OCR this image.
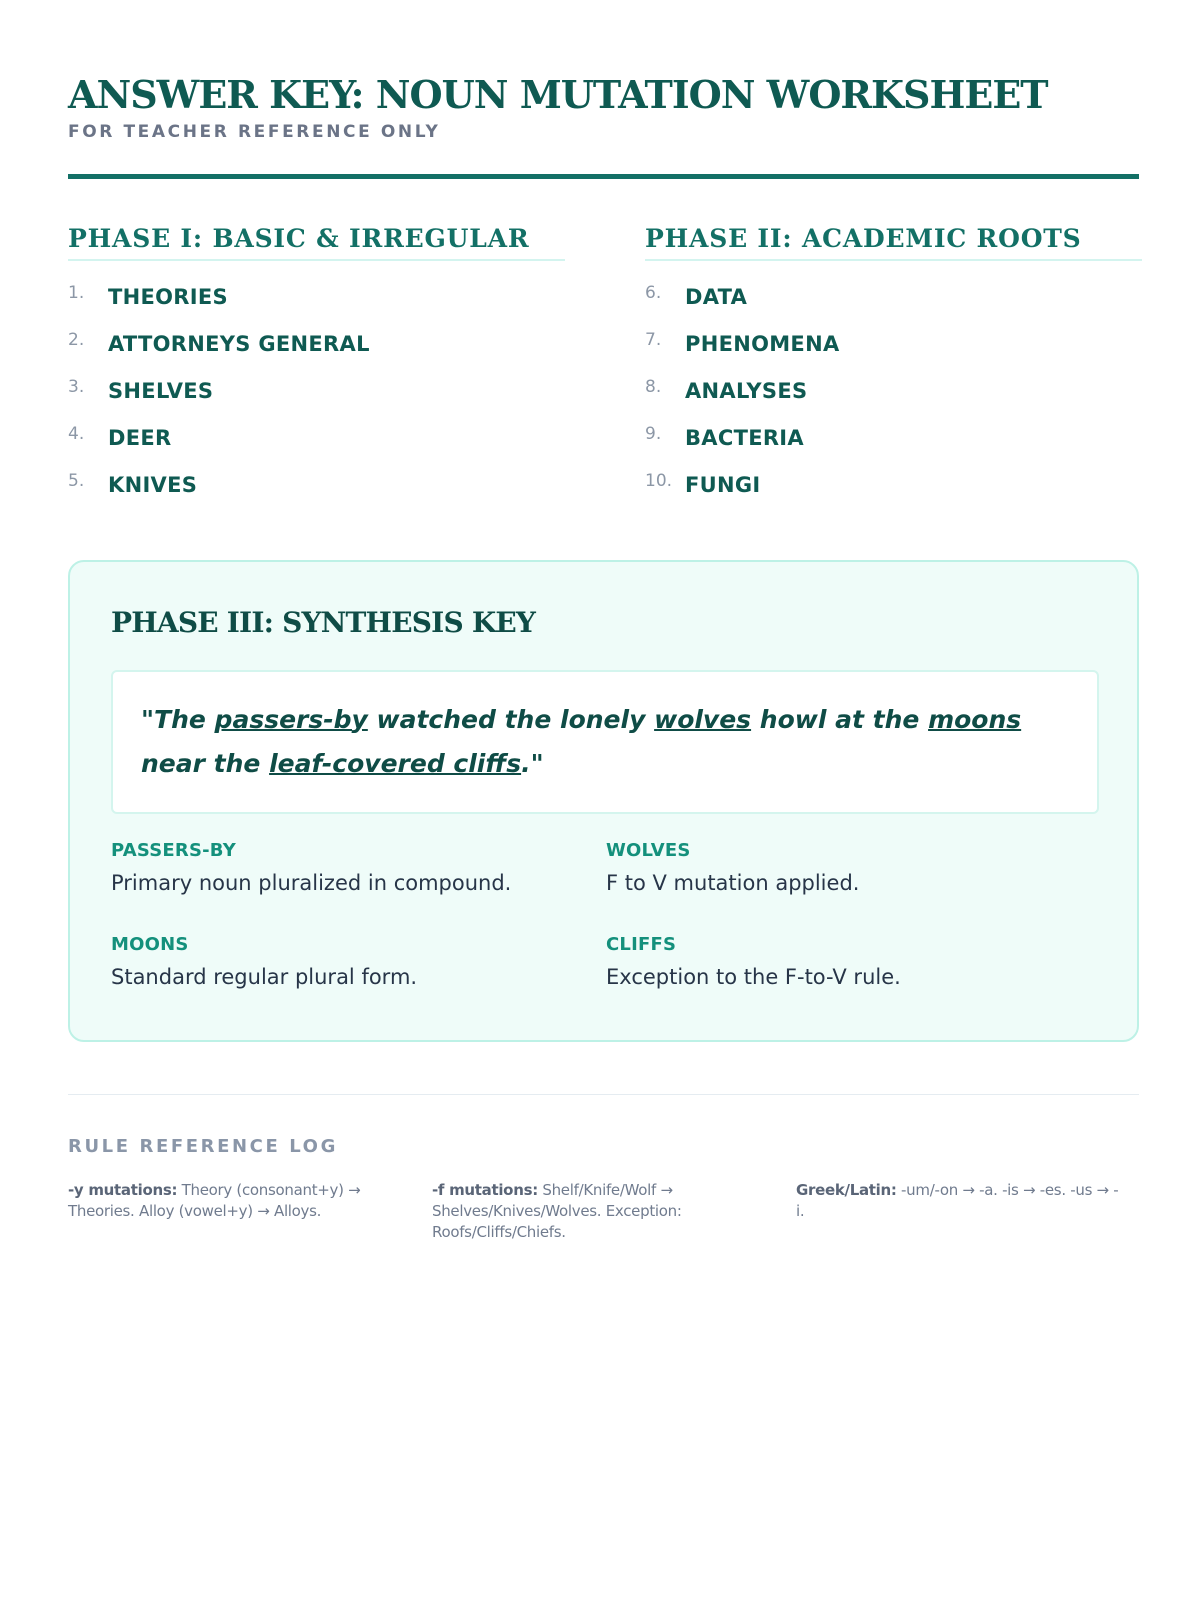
ANSWER KEY: NOUN MUTATION WORKSHEET
FOR TEACHER REFERENCE ONLY
PHASE I: BASIC & IRREGULAR
1. THEORIES
2. ATTORNEYS GENERAL
3. SHELVES
4. DEER
5. KNIVES
PHASE II: ACADEMIC ROOTS
6. DATA
7. PHENOMENA
8. ANALYSES
9. BACTERIA
10. FUNGI
PHASE III: SYNTHESIS KEY
"The passers-by watched the lonely wolves howl at the moons near the leaf-covered cliffs."
PASSERS-BY
Primary noun pluralized in compound.
WOLVES
F to V mutation applied.
MOONS
Standard regular plural form.
CLIFFS
Exception to the F-to-V rule.
RULE REFERENCE LOG

-y mutations: Theory (consonant+y) → Theories. Alloy (vowel+y) → Alloys.

-f mutations: Shelf/Knife/Wolf → Shelves/Knives/Wolves. Exception: Roofs/Cliffs/Chiefs.

Greek/Latin: -um/-on → -a. -is → -es. -us → -i.
